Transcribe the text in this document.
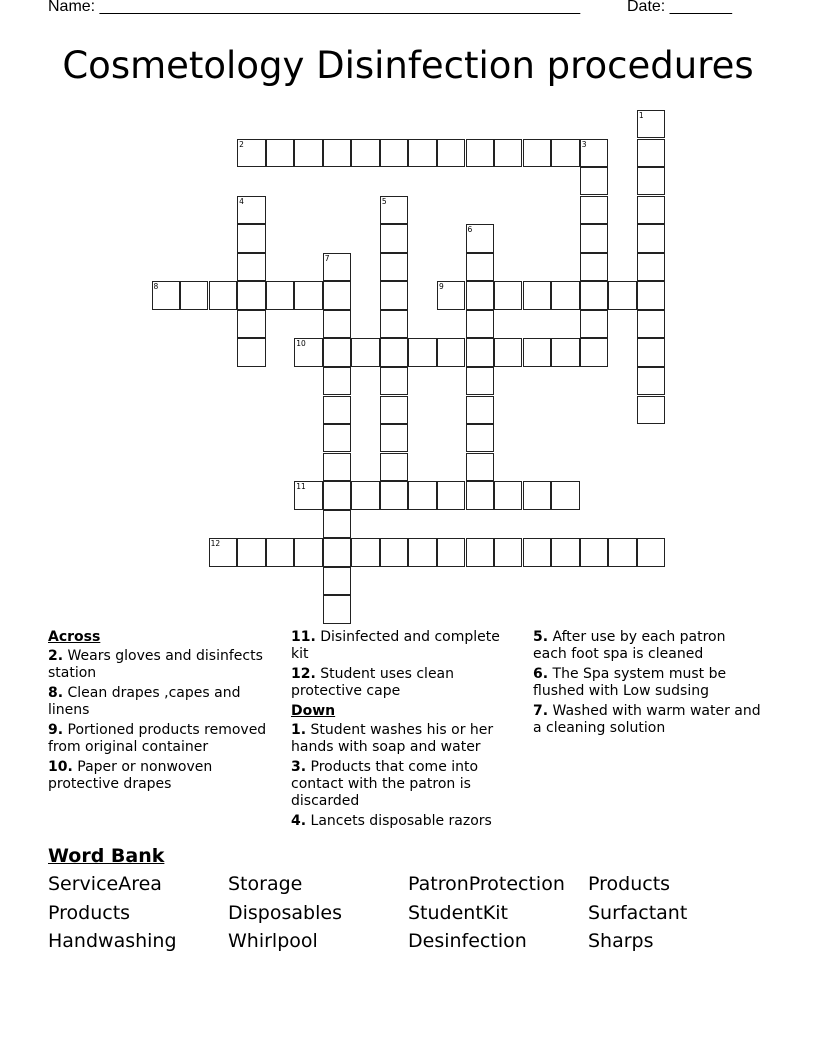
Name: ______________________________________________________	Date: _______
Cosmetology Disinfection procedures
1
2	3
4	5
6
7
8	9
10
11
12
Across
2. Wears gloves and disinfects station
8. Clean drapes ,capes and linens
9. Portioned products removed from original container
10. Paper or nonwoven protective drapes
11. Disinfected and complete kit
12. Student uses clean protective cape
Down
1. Student washes his or her hands with soap and water
3. Products that come into contact with the patron is discarded
4. Lancets disposable razors
5. After use by each patron each foot spa is cleaned
6. The Spa system must be flushed with Low sudsing
7. Washed with warm water and a cleaning solution
Word Bank
ServiceArea	Storage	PatronProtection	Products
Products	Disposables	StudentKit	Surfactant
Handwashing	Whirlpool	Desinfection	Sharps
